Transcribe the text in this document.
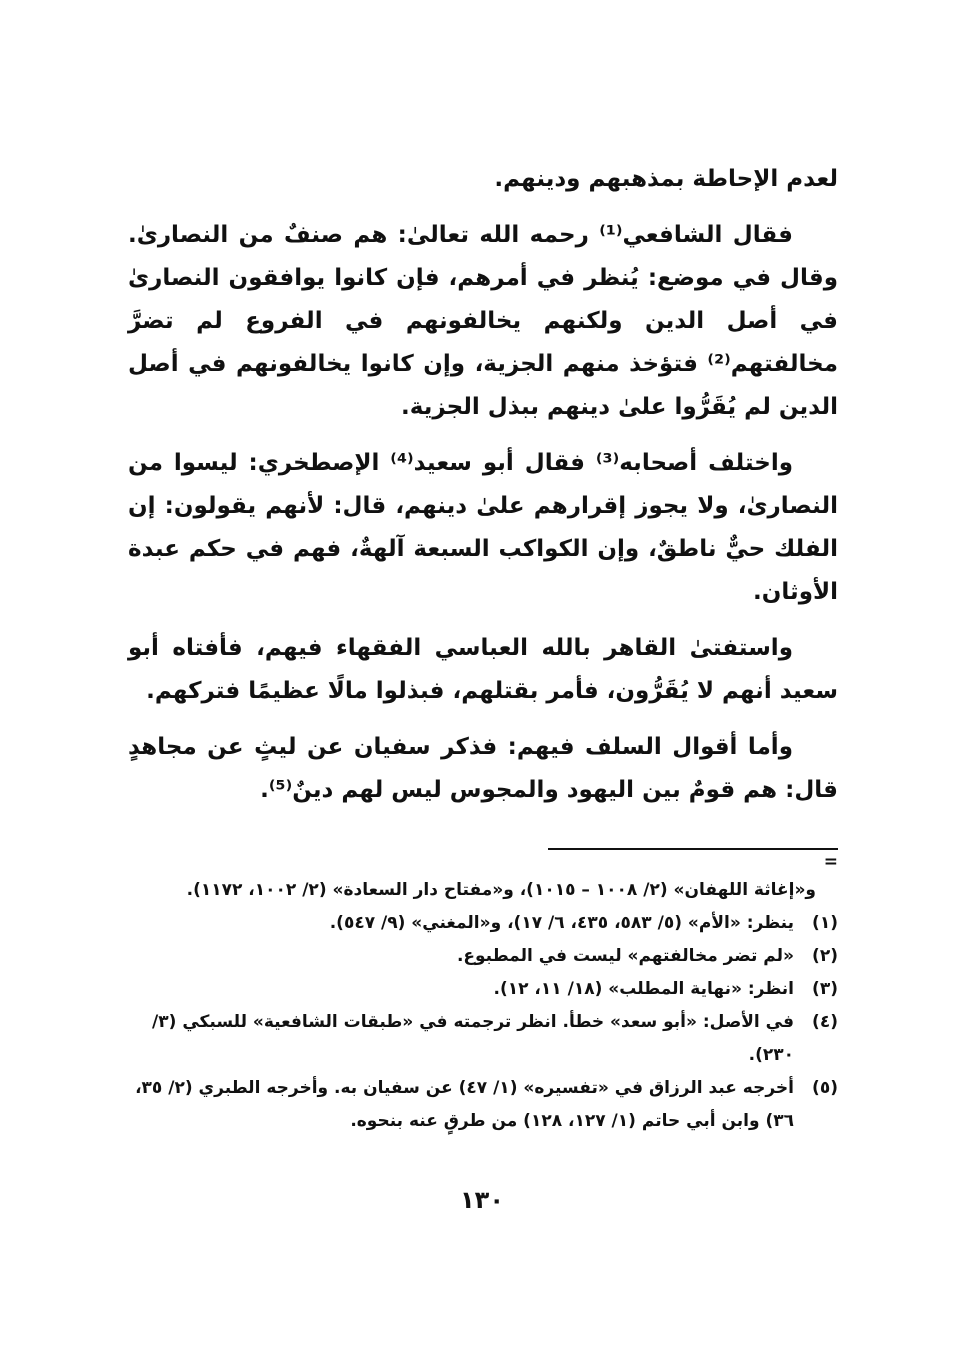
لعدم الإحاطة بمذهبهم ودينهم.

فقال الشافعي⁽¹⁾ رحمه الله تعالىٰ: هم صنفٌ من النصارىٰ. وقال في موضع: يُنظر في أمرهم، فإن كانوا يوافقون النصارىٰ في أصل الدين ولكنهم يخالفونهم في الفروع لم تضرَّ مخالفتهم⁽²⁾ فتؤخذ منهم الجزية، وإن كانوا يخالفونهم في أصل الدين لم يُقَرُّوا علىٰ دينهم ببذل الجزية.

واختلف أصحابه⁽³⁾ فقال أبو سعيد⁽⁴⁾ الإصطخري: ليسوا من النصارىٰ، ولا يجوز إقرارهم علىٰ دينهم، قال: لأنهم يقولون: إن الفلك حيٌّ ناطقٌ، وإن الكواكب السبعة آلهةٌ، فهم في حكم عبدة الأوثان.

واستفتىٰ القاهر بالله العباسي الفقهاء فيهم، فأفتاه أبو سعيد أنهم لا يُقَرُّون، فأمر بقتلهم، فبذلوا مالًا عظيمًا فتركهم.

وأما أقوال السلف فيهم: فذكر سفيان عن ليثٍ عن مجاهدٍ قال: هم قومٌ بين اليهود والمجوس ليس لهم دينٌ⁽⁵⁾.

=

و«إغاثة اللهفان» (٢/ ١٠٠٨ – ١٠١٥)، و«مفتاح دار السعادة» (٢/ ١٠٠٢، ١١٧٢).

(١)
ينظر: «الأم» (٥/ ٥٨٣، ٤٣٥، ٦/ ١٧)، و«المغني» (٩/ ٥٤٧).

(٢)
«لم تضر مخالفتهم» ليست في المطبوع.

(٣)
انظر: «نهاية المطلب» (١٨/ ١١، ١٢).

(٤)
في الأصل: «أبو سعد» خطأ. انظر ترجمته في «طبقات الشافعية» للسبكي (٣/ ٢٣٠).

(٥)
أخرجه عبد الرزاق في «تفسيره» (١/ ٤٧) عن سفيان به. وأخرجه الطبري (٢/ ٣٥، ٣٦) وابن أبي حاتم (١/ ١٢٧، ١٢٨) من طرقٍ عنه بنحوه.

١٣٠
